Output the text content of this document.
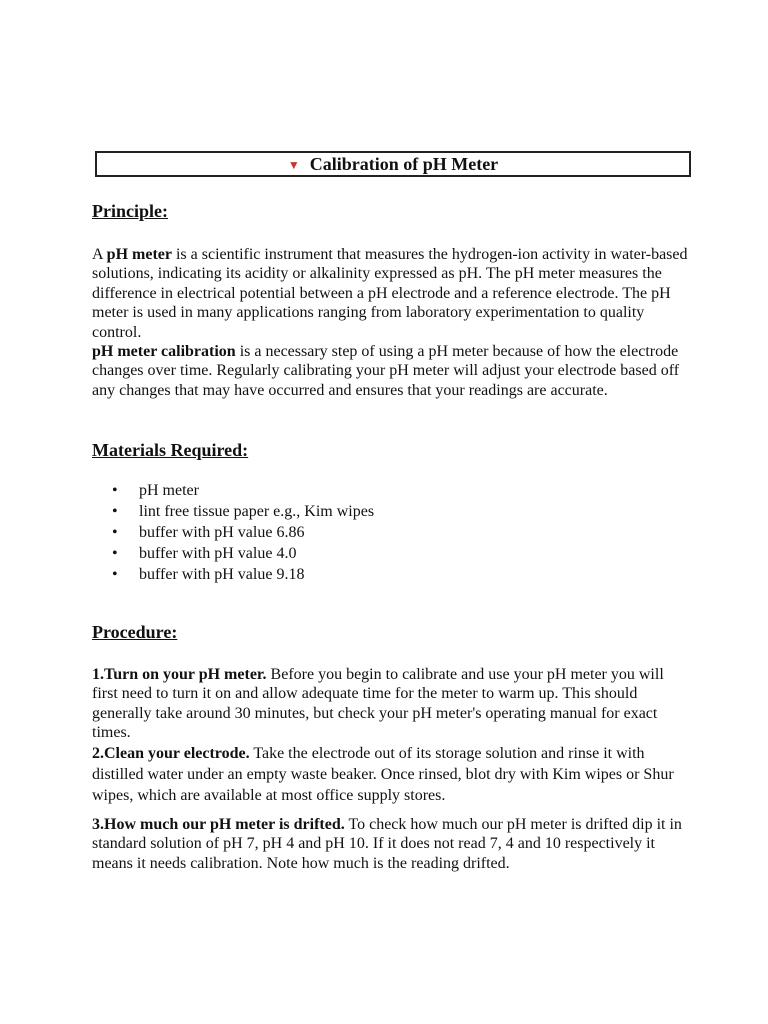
▼ Calibration of pH Meter
Principle:

A pH meter is a scientific instrument that measures the hydrogen-ion activity in water-based solutions, indicating its acidity or alkalinity expressed as pH. The pH meter measures the difference in electrical potential between a pH electrode and a reference electrode. The pH meter is used in many applications ranging from laboratory experimentation to quality control.

pH meter calibration is a necessary step of using a pH meter because of how the electrode changes over time. Regularly calibrating your pH meter will adjust your electrode based off any changes that may have occurred and ensures that your readings are accurate.

Materials Required:
• pH meter
• lint free tissue paper e.g., Kim wipes
• buffer with pH value 6.86
• buffer with pH value 4.0
• buffer with pH value 9.18
Procedure:

1.Turn on your pH meter. Before you begin to calibrate and use your pH meter you will first need to turn it on and allow adequate time for the meter to warm up. This should generally take around 30 minutes, but check your pH meter's operating manual for exact times.

2.Clean your electrode. Take the electrode out of its storage solution and rinse it with distilled water under an empty waste beaker. Once rinsed, blot dry with Kim wipes or Shur wipes, which are available at most office supply stores.

3.How much our pH meter is drifted. To check how much our pH meter is drifted dip it in standard solution of pH 7, pH 4 and pH 10. If it does not read 7, 4 and 10 respectively it means it needs calibration. Note how much is the reading drifted.
